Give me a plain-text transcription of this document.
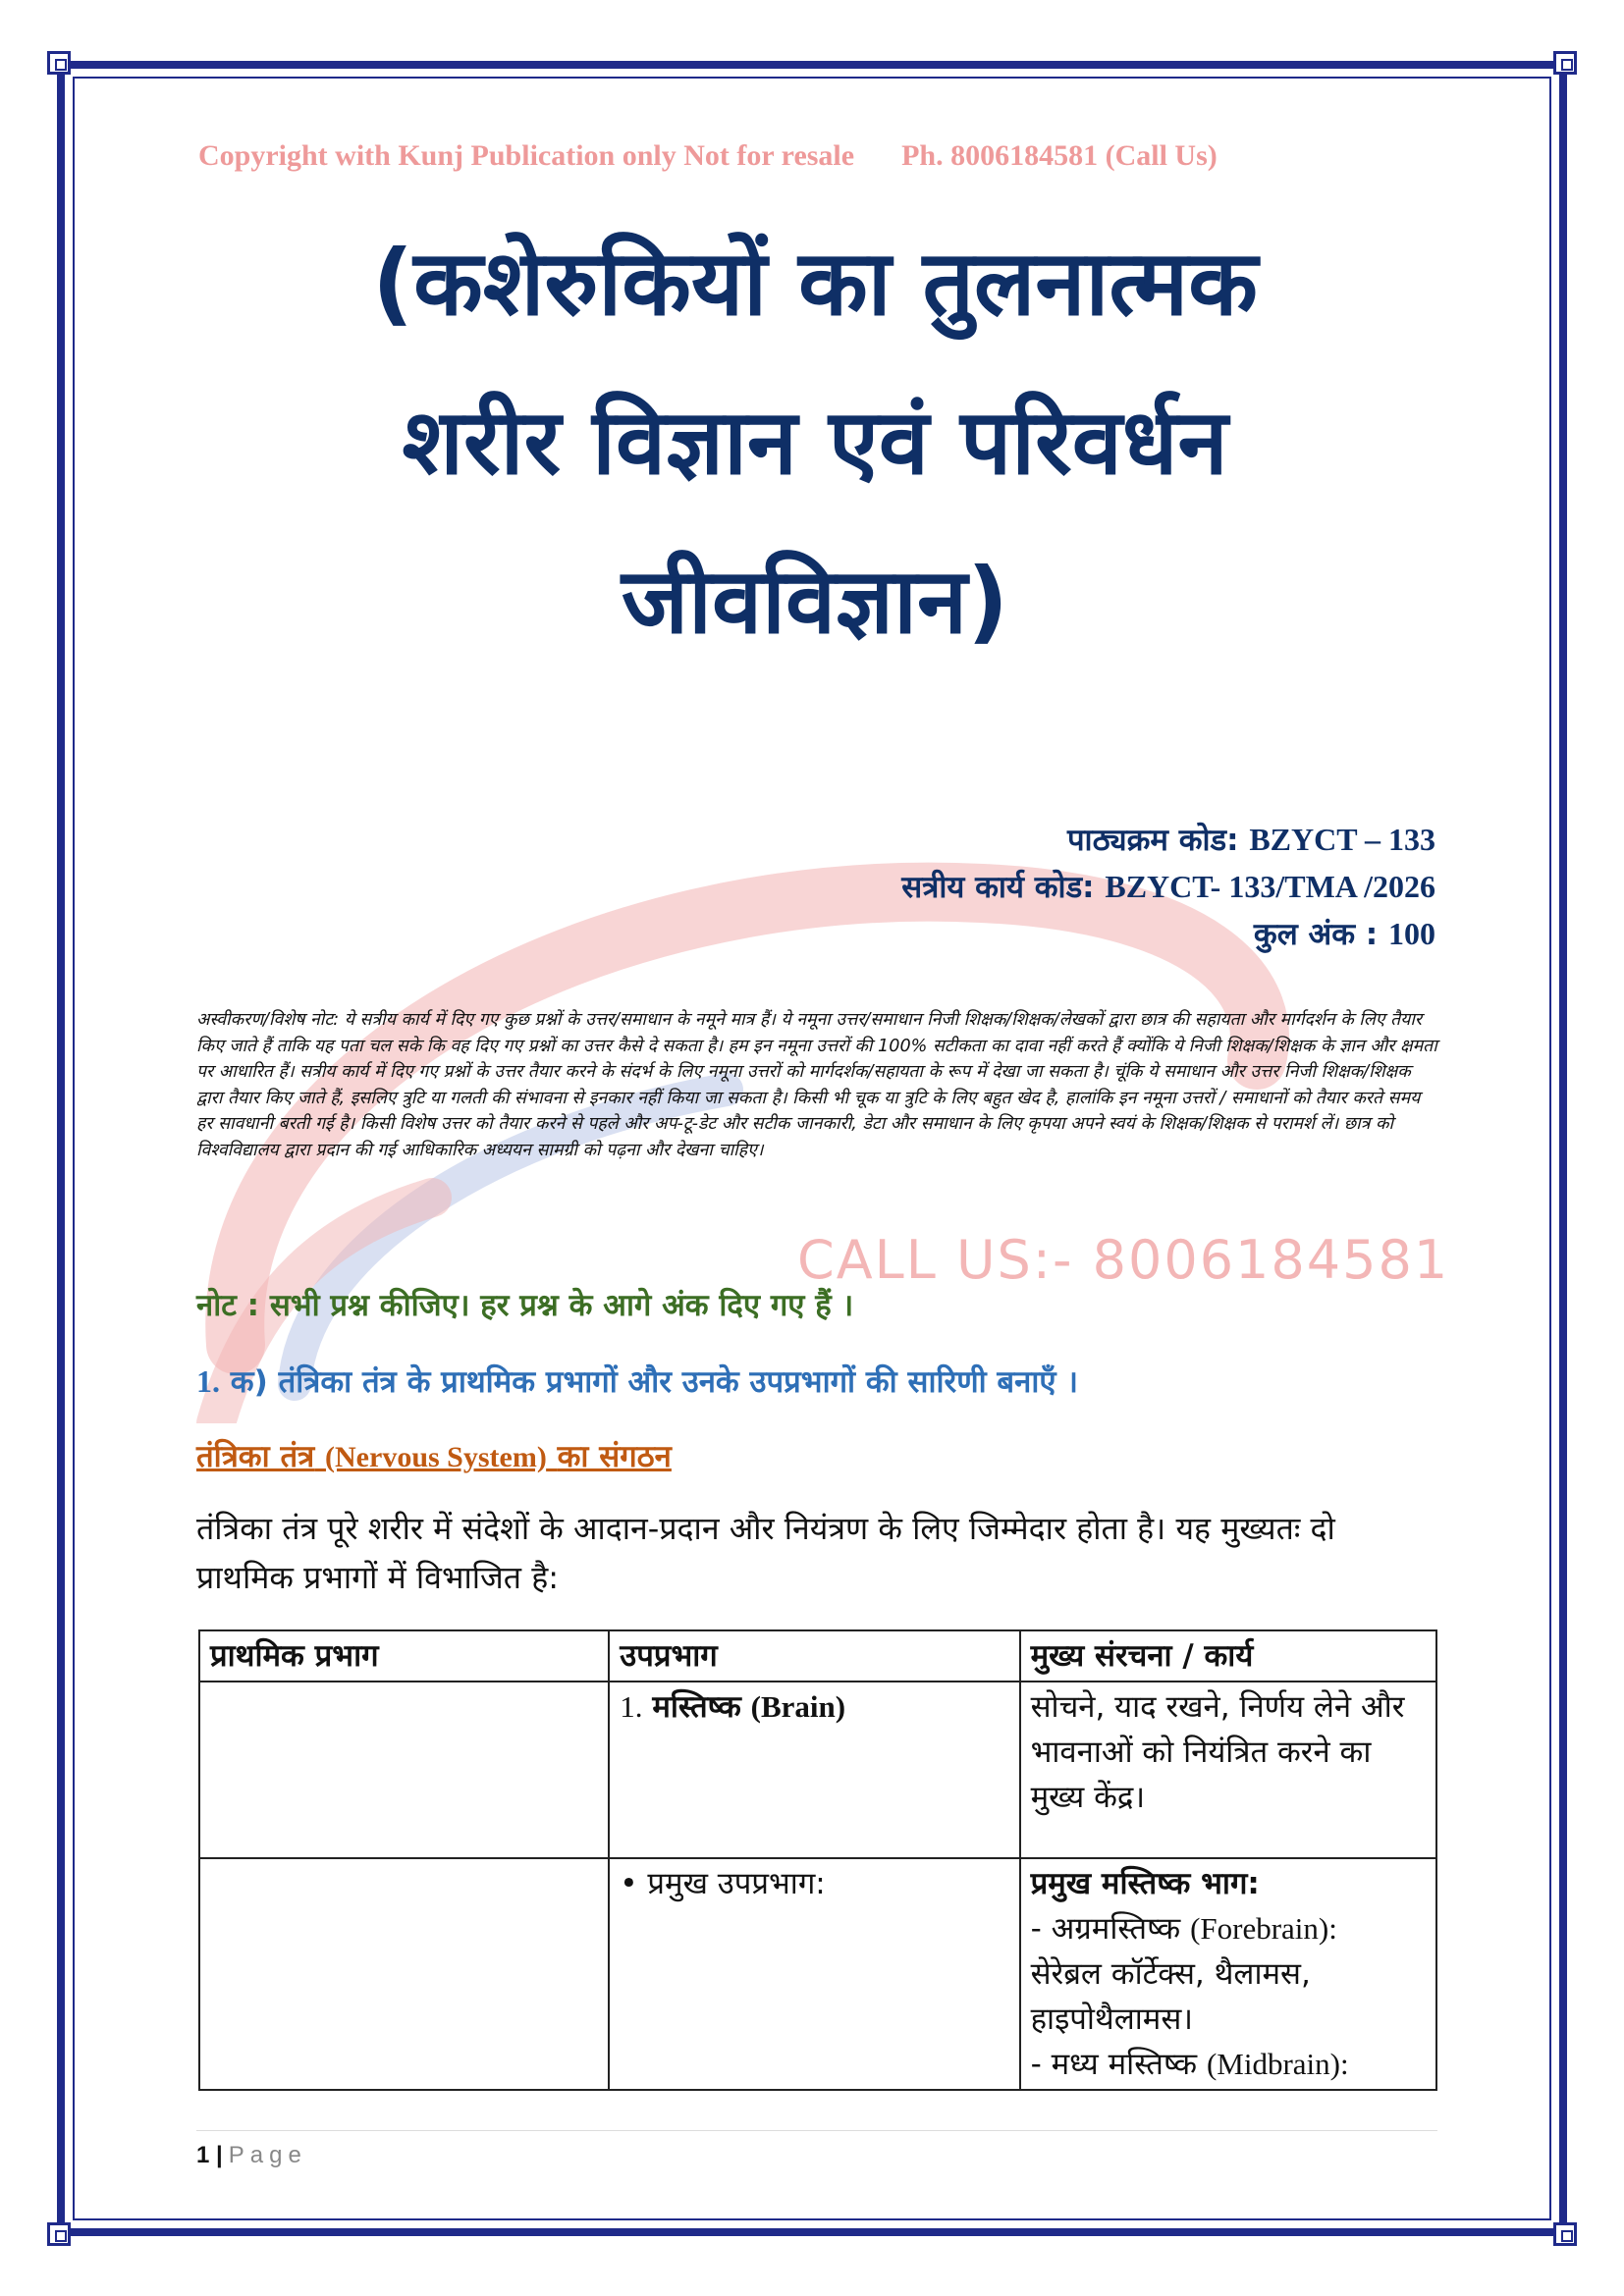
CALL US:- 8006184581
Copyright with Kunj Publication only Not for resale Ph. 8006184581 (Call Us)
(कशेरुकियों का तुलनात्मक
शरीर विज्ञान एवं परिवर्धन
जीवविज्ञान)
पाठ्यक्रम कोड: BZYCT – 133
सत्रीय कार्य कोड: BZYCT- 133/TMA /2026
कुल अंक : 100
अस्वीकरण/विशेष नोट: ये सत्रीय कार्य में दिए गए कुछ प्रश्नों के उत्तर/समाधान के नमूने मात्र हैं। ये नमूना उत्तर/समाधान निजी शिक्षक/शिक्षक/लेखकों द्वारा छात्र की सहायता और मार्गदर्शन के लिए तैयार किए जाते हैं ताकि यह पता चल सके कि वह दिए गए प्रश्नों का उत्तर कैसे दे सकता है। हम इन नमूना उत्तरों की 100% सटीकता का दावा नहीं करते हैं क्योंकि ये निजी शिक्षक/शिक्षक के ज्ञान और क्षमता पर आधारित हैं। सत्रीय कार्य में दिए गए प्रश्नों के उत्तर तैयार करने के संदर्भ के लिए नमूना उत्तरों को मार्गदर्शक/सहायता के रूप में देखा जा सकता है। चूंकि ये समाधान और उत्तर निजी शिक्षक/शिक्षक द्वारा तैयार किए जाते हैं, इसलिए त्रुटि या गलती की संभावना से इनकार नहीं किया जा सकता है। किसी भी चूक या त्रुटि के लिए बहुत खेद है, हालांकि इन नमूना उत्तरों / समाधानों को तैयार करते समय हर सावधानी बरती गई है। किसी विशेष उत्तर को तैयार करने से पहले और अप-टू-डेट और सटीक जानकारी, डेटा और समाधान के लिए कृपया अपने स्वयं के शिक्षक/शिक्षक से परामर्श लें। छात्र को विश्वविद्यालय द्वारा प्रदान की गई आधिकारिक अध्ययन सामग्री को पढ़ना और देखना चाहिए।
नोट : सभी प्रश्न कीजिए। हर प्रश्न के आगे अंक दिए गए हैं ।
1. क) तंत्रिका तंत्र के प्राथमिक प्रभागों और उनके उपप्रभागों की सारिणी बनाएँ ।
तंत्रिका तंत्र (Nervous System) का संगठन
तंत्रिका तंत्र पूरे शरीर में संदेशों के आदान-प्रदान और नियंत्रण के लिए जिम्मेदार होता है। यह मुख्यतः दो प्राथमिक प्रभागों में विभाजित है:
प्राथमिक प्रभाग	उपप्रभाग	मुख्य संरचना / कार्य
	1. मस्तिष्क (Brain)	सोचने, याद रखने, निर्णय लेने और भावनाओं को नियंत्रित करने का मुख्य केंद्र।
	• प्रमुख उपप्रभाग:	प्रमुख मस्तिष्क भाग:
- अग्रमस्तिष्क (Forebrain):
सेरेब्रल कॉर्टेक्स, थैलामस, हाइपोथैलामस।
- मध्य मस्तिष्क (Midbrain):
1 | Page
